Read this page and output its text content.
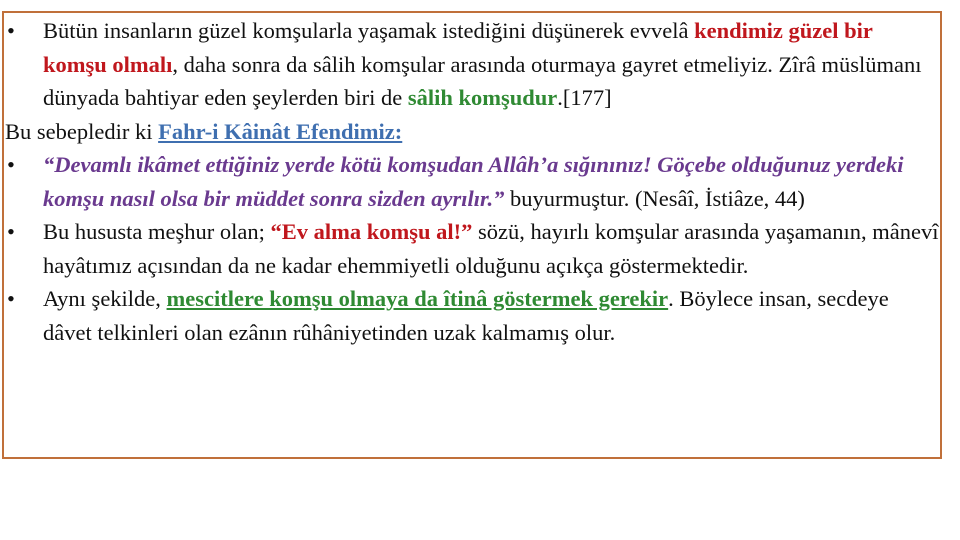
•	Bütün insanların güzel komşularla yaşamak istediğini düşünerek evvelâ kendimiz güzel bir komşu olmalı, daha sonra da sâlih komşular arasında oturmaya gayret etmeliyiz. Zîrâ müslümanı dünyada bahtiyar eden şeylerden biri de sâlih komşudur.[177]
Bu sebepledir ki Fahr-i Kâinât Efendimiz:
•	“Devamlı ikâmet ettiğiniz yerde kötü komşudan Allâh’a sığınınız! Göçebe olduğunuz yerdeki komşu nasıl olsa bir müddet sonra sizden ayrılır.” buyurmuştur. (Nesâî, İstiâze, 44)
•	Bu hususta meşhur olan; “Ev alma komşu al!” sözü, hayırlı komşular arasında yaşamanın, mânevî hayâtımız açısından da ne kadar ehemmiyetli olduğunu açıkça göstermektedir.
•	Aynı şekilde, mescitlere komşu olmaya da îtinâ göstermek gerekir. Böylece insan, secdeye dâvet telkinleri olan ezânın rûhâniyetinden uzak kalmamış olur.
